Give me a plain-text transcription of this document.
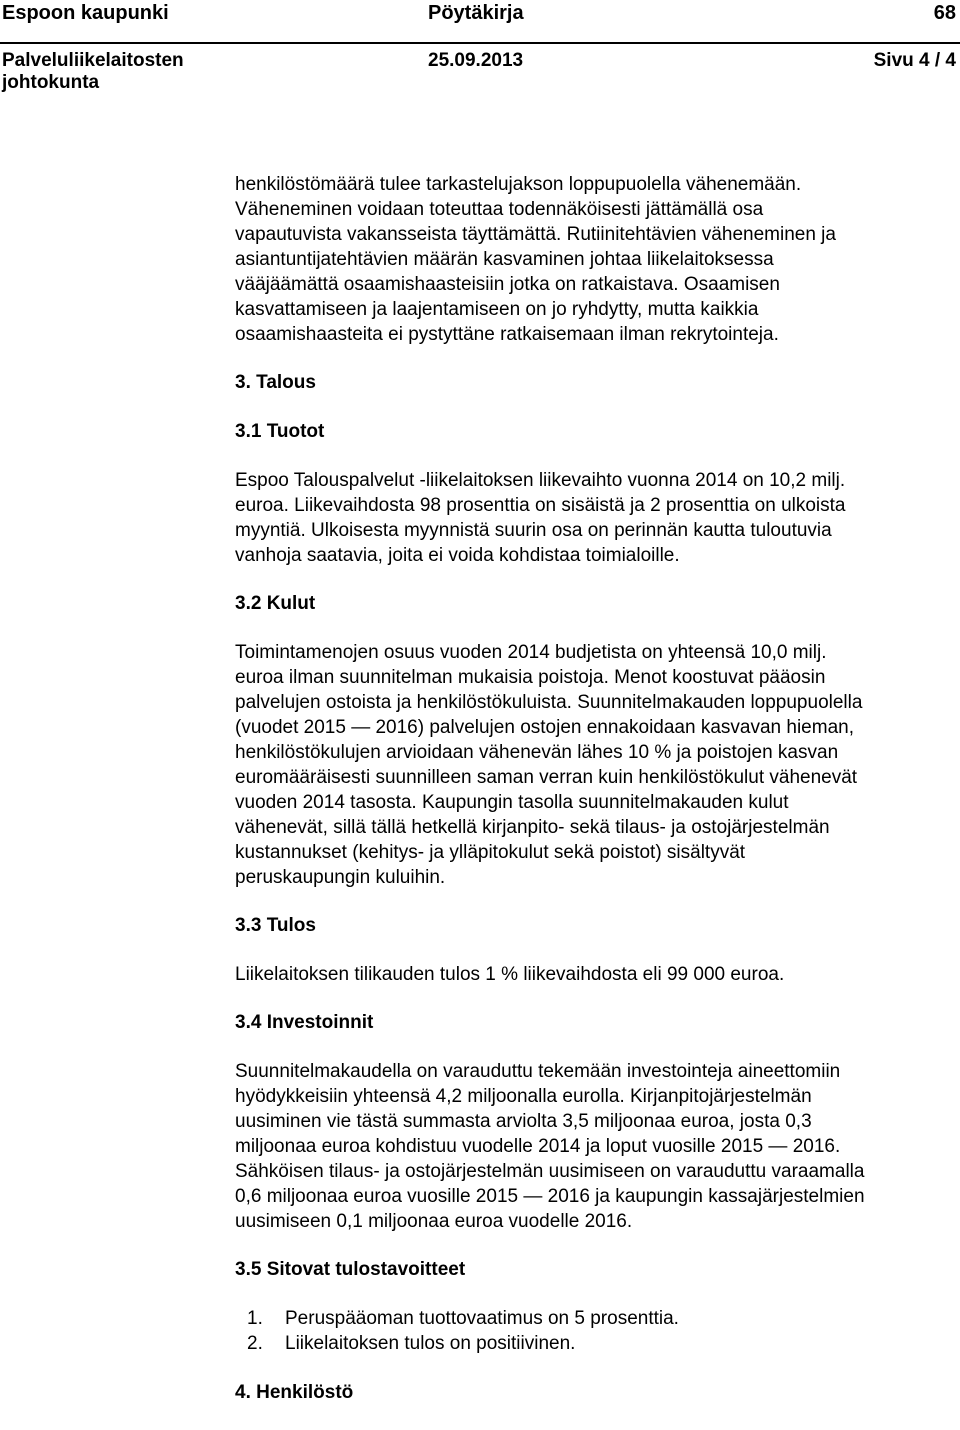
Espoon kaupunki	Pöytäkirja	68
Palveluliikelaitosten
johtokunta
25.09.2013	Sivu 4 / 4

henkilöstömäärä tulee tarkastelujakson loppupuolella vähenemään.
Väheneminen voidaan toteuttaa todennäköisesti jättämällä osa
vapautuvista vakansseista täyttämättä. Rutiinitehtävien väheneminen ja
asiantuntijatehtävien määrän kasvaminen johtaa liikelaitoksessa
vääjäämättä osaamishaasteisiin jotka on ratkaistava. Osaamisen
kasvattamiseen ja laajentamiseen on jo ryhdytty, mutta kaikkia
osaamishaasteita ei pystyttäne ratkaisemaan ilman rekrytointeja.

3. Talous
3.1 Tuotot

Espoo Talouspalvelut -liikelaitoksen liikevaihto vuonna 2014 on 10,2 milj.
euroa. Liikevaihdosta 98 prosenttia on sisäistä ja 2 prosenttia on ulkoista
myyntiä. Ulkoisesta myynnistä suurin osa on perinnän kautta tuloutuvia
vanhoja saatavia, joita ei voida kohdistaa toimialoille.

3.2 Kulut

Toimintamenojen osuus vuoden 2014 budjetista on yhteensä 10,0 milj.
euroa ilman suunnitelman mukaisia poistoja. Menot koostuvat pääosin
palvelujen ostoista ja henkilöstökuluista. Suunnitelmakauden loppupuolella
(vuodet 2015 — 2016) palvelujen ostojen ennakoidaan kasvavan hieman,
henkilöstökulujen arvioidaan vähenevän lähes 10 % ja poistojen kasvan
euromääräisesti suunnilleen saman verran kuin henkilöstökulut vähenevät
vuoden 2014 tasosta. Kaupungin tasolla suunnitelmakauden kulut
vähenevät, sillä tällä hetkellä kirjanpito- sekä tilaus- ja ostojärjestelmän
kustannukset (kehitys- ja ylläpitokulut sekä poistot) sisältyvät
peruskaupungin kuluihin.

3.3 Tulos

Liikelaitoksen tilikauden tulos 1 % liikevaihdosta eli 99 000 euroa.

3.4 Investoinnit

Suunnitelmakaudella on varauduttu tekemään investointeja aineettomiin
hyödykkeisiin yhteensä 4,2 miljoonalla eurolla. Kirjanpitojärjestelmän
uusiminen vie tästä summasta arviolta 3,5 miljoonaa euroa, josta 0,3
miljoonaa euroa kohdistuu vuodelle 2014 ja loput vuosille 2015 — 2016.
Sähköisen tilaus- ja ostojärjestelmän uusimiseen on varauduttu varaamalla
0,6 miljoonaa euroa vuosille 2015 — 2016 ja kaupungin kassajärjestelmien
uusimiseen 0,1 miljoonaa euroa vuodelle 2016.

3.5 Sitovat tulostavoitteet
1. Peruspääoman tuottovaatimus on 5 prosenttia.
2. Liikelaitoksen tulos on positiivinen.
4. Henkilöstö
